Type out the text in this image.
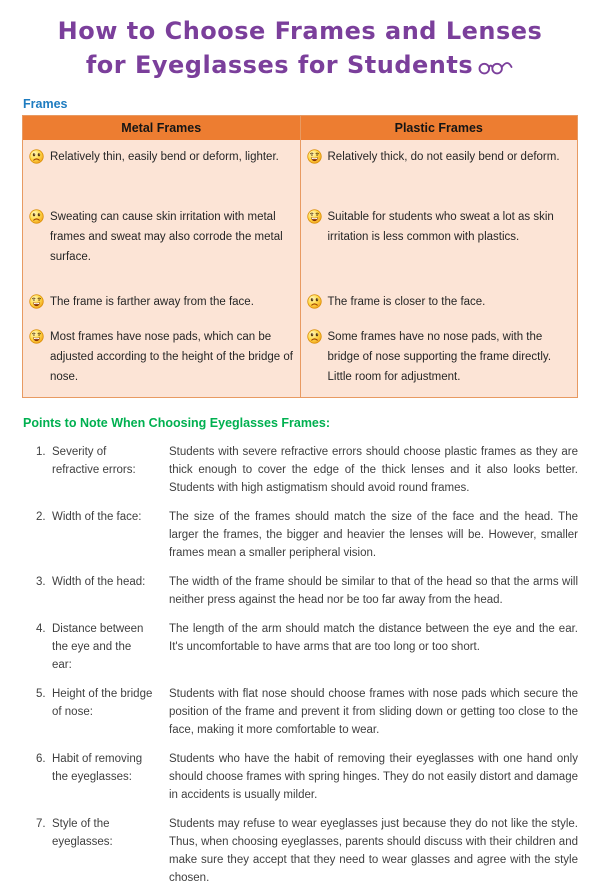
How to Choose Frames and Lenses
for Eyeglasses for Students
Frames
Metal Frames	Plastic Frames

Relatively thin, easily bend or deform, lighter.	Relatively thick, do not easily bend or deform.

Sweating can cause skin irritation with metal frames and sweat may also corrode the metal surface.	Suitable for students who sweat a lot as skin irritation is less common with plastics.

The frame is farther away from the face.	The frame is closer to the face.

Most frames have nose pads, which can be adjusted according to the height of the bridge of nose.	Some frames have no nose pads, with the bridge of nose supporting the frame directly. Little room for adjustment.
Points to Note When Choosing Eyeglasses Frames:
1. Severity of refractive errors:
Students with severe refractive errors should choose plastic frames as they are thick enough to cover the edge of the thick lenses and it also looks better. Students with high astigmatism should avoid round frames.
2. Width of the face:	The size of the frames should match the size of the face and the head. The larger the frames, the bigger and heavier the lenses will be. However, smaller frames mean a smaller peripheral vision.
3. Width of the head:	The width of the frame should be similar to that of the head so that the arms will neither press against the head nor be too far away from the head.
4. Distance between the eye and the ear:
The length of the arm should match the distance between the eye and the ear. It's uncomfortable to have arms that are too long or too short.
5. Height of the bridge of nose:
Students with flat nose should choose frames with nose pads which secure the position of the frame and prevent it from sliding down or getting too close to the face, making it more comfortable to wear.
6. Habit of removing the eyeglasses:
Students who have the habit of removing their eyeglasses with one hand only should choose frames with spring hinges. They do not easily distort and damage in accidents is usually milder.
7. Style of the eyeglasses:
Students may refuse to wear eyeglasses just because they do not like the style. Thus, when choosing eyeglasses, parents should discuss with their children and make sure they accept that they need to wear glasses and agree with the style chosen.
